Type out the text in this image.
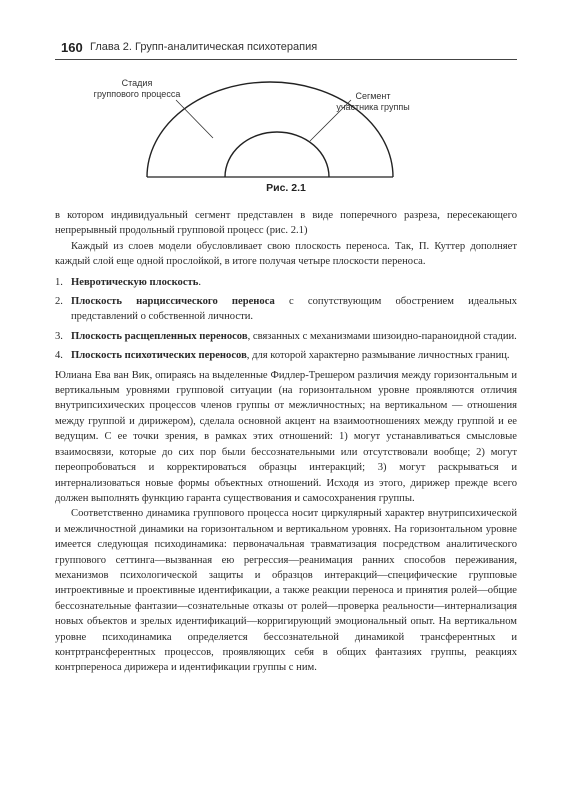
160 Глава 2. Групп-аналитическая психотерапия
Стадия
группового процесса	Сегмент
участника группы
Рис. 2.1

в котором индивидуальный сегмент представлен в виде поперечного разреза, пересекающего непрерывный продольный групповой процесс (рис. 2.1)

Каждый из слоев модели обусловливает свою плоскость переноса. Так, П. Куттер дополняет каждый слой еще одной прослойкой, в итоге получая четыре плоскости переноса.

1. Невротическую плоскость.
2. Плоскость нарциссического переноса с сопутствующим обострением идеальных представлений о собственной личности.
3. Плоскость расщепленных переносов, связанных с механизмами шизоидно-параноидной стадии.
4. Плоскость психотических переносов, для которой характерно размывание личностных границ.

Юлиана Ева ван Вик, опираясь на выделенные Фидлер-Трешером различия между горизонтальным и вертикальным уровнями групповой ситуации (на горизонтальном уровне проявляются отличия внутрипсихических процессов членов группы от межличностных; на вертикальном — отношения между группой и дирижером), сделала основной акцент на взаимоотношениях между группой и ее ведущим. С ее точки зрения, в рамках этих отношений: 1) могут устанавливаться смысловые взаимосвязи, которые до сих пор были бессознательными или отсутствовали вообще; 2) могут переопробоваться и корректироваться образцы интеракций; 3) могут раскрываться и интернализоваться новые формы объектных отношений. Исходя из этого, дирижер прежде всего должен выполнять функцию гаранта существования и самосохранения группы.

Соответственно динамика группового процесса носит циркулярный характер внутрипсихической и межличностной динамики на горизонтальном и вертикальном уровнях. На горизонтальном уровне имеется следующая психодинамика: первоначальная травматизация посредством аналитического группового сеттинга—вызванная ею регрессия—реанимация ранних способов переживания, механизмов психологической защиты и образцов интеракций—специфические групповые интроективные и проективные идентификации, а также реакции переноса и принятия ролей—общие бессознательные фантазии—сознательные отказы от ролей—проверка реальности—интернализация новых объектов и зрелых идентификаций—корригирующий эмоциональный опыт. На вертикальном уровне психодинамика определяется бессознательной динамикой трансферентных и контртрансферентных процессов, проявляющих себя в общих фантазиях группы, реакциях контрпереноса дирижера и идентификации группы с ним.
